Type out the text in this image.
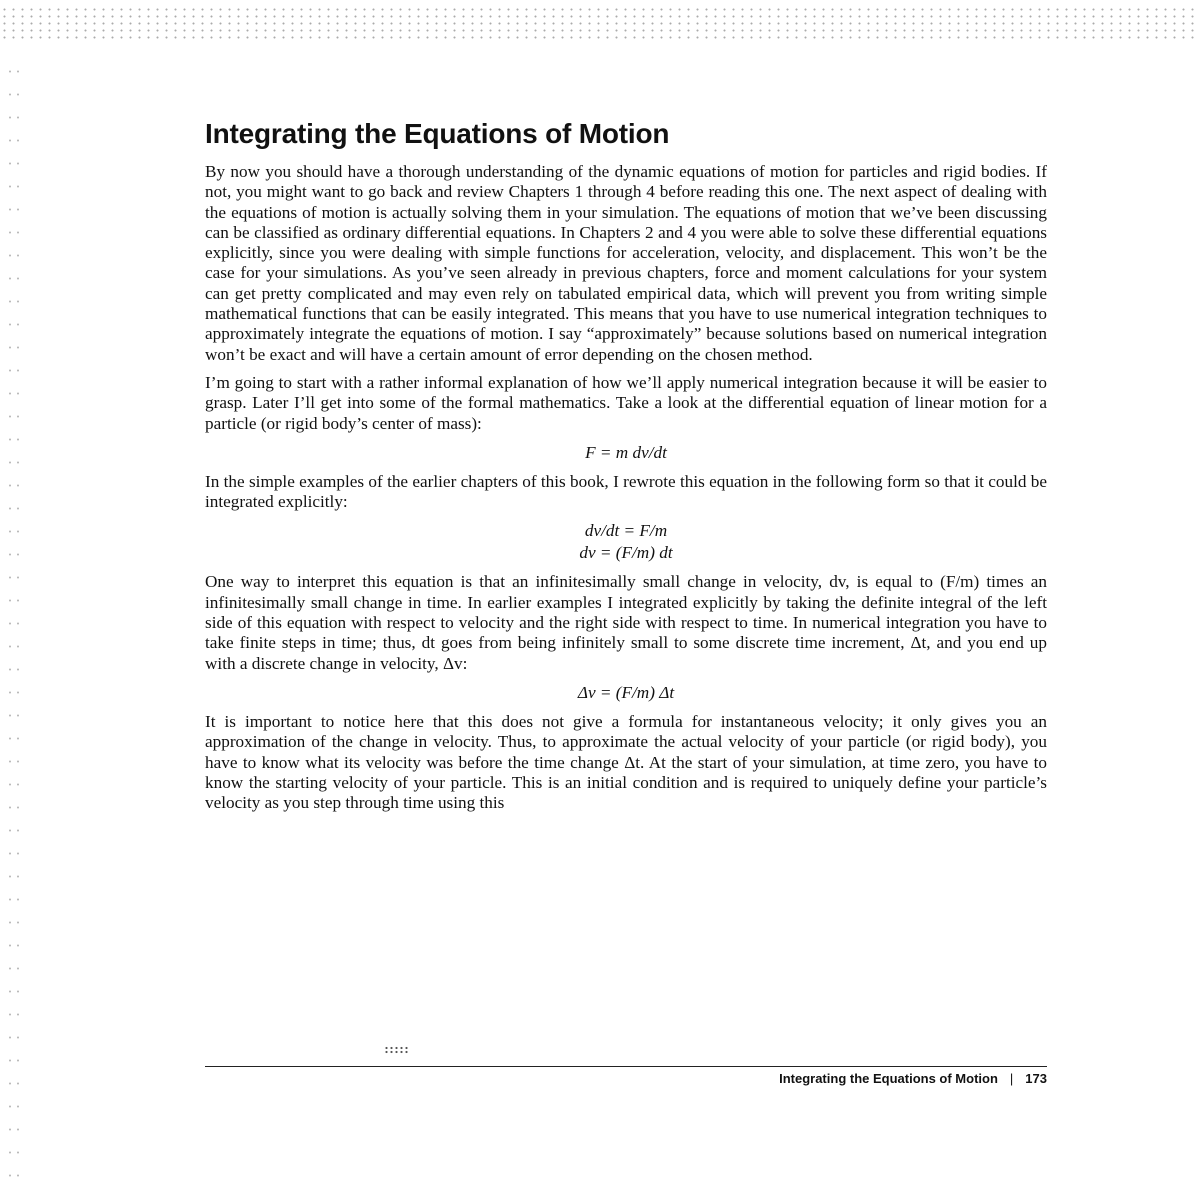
Integrating the Equations of Motion

By now you should have a thorough understanding of the dynamic equations of motion for particles and rigid bodies. If not, you might want to go back and review Chapters 1 through 4 before reading this one. The next aspect of dealing with the equations of motion is actually solving them in your simulation. The equations of motion that we’ve been discussing can be classified as ordinary differential equations. In Chapters 2 and 4 you were able to solve these differential equations explicitly, since you were dealing with simple functions for acceleration, velocity, and displacement. This won’t be the case for your simulations. As you’ve seen already in previous chapters, force and moment calculations for your system can get pretty complicated and may even rely on tabulated empirical data, which will prevent you from writing simple mathematical functions that can be easily integrated. This means that you have to use numerical integration techniques to approximately integrate the equations of motion. I say “approximately” because solutions based on numerical integration won’t be exact and will have a certain amount of error depending on the chosen method.

I’m going to start with a rather informal explanation of how we’ll apply numerical integration because it will be easier to grasp. Later I’ll get into some of the formal mathematics. Take a look at the differential equation of linear motion for a particle (or rigid body’s center of mass):

F = m dv/dt

In the simple examples of the earlier chapters of this book, I rewrote this equation in the following form so that it could be integrated explicitly:

dv/dt = F/m
dv = (F/m) dt

One way to interpret this equation is that an infinitesimally small change in velocity, dv, is equal to (F/m) times an infinitesimally small change in time. In earlier examples I integrated explicitly by taking the definite integral of the left side of this equation with respect to velocity and the right side with respect to time. In numerical integration you have to take finite steps in time; thus, dt goes from being infinitely small to some discrete time increment, Δt, and you end up with a discrete change in velocity, Δv:

Δv = (F/m) Δt

It is important to notice here that this does not give a formula for instantaneous velocity; it only gives you an approximation of the change in velocity. Thus, to approximate the actual velocity of your particle (or rigid body), you have to know what its velocity was before the time change Δt. At the start of your simulation, at time zero, you have to know the starting velocity of your particle. This is an initial condition and is required to uniquely define your particle’s velocity as you step through time using this

Integrating the Equations of Motion | 173
